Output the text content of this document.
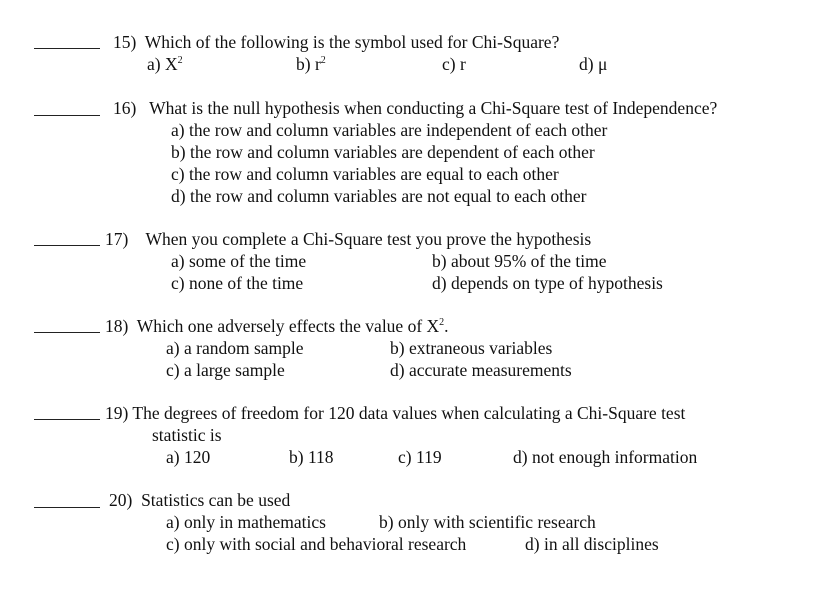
15) Which of the following is the symbol used for Chi-Square?
a) $X^2$	b) $r^2$	c) r	d) μ
16) What is the null hypothesis when conducting a Chi-Square test of Independence?
a) the row and column variables are independent of each other
b) the row and column variables are dependent of each other
c) the row and column variables are equal to each other
d) the row and column variables are not equal to each other
17) When you complete a Chi-Square test you prove the hypothesis
a) some of the time	b) about 95% of the time
c) none of the time	d) depends on type of hypothesis
18) Which one adversely effects the value of $X^2$.
a) a random sample	b) extraneous variables
c) a large sample	d) accurate measurements
19) The degrees of freedom for 120 data values when calculating a Chi-Square test
statistic is
a) 120	b) 118	c) 119	d) not enough information
20) Statistics can be used
a) only in mathematics	b) only with scientific research
c) only with social and behavioral research	d) in all disciplines
